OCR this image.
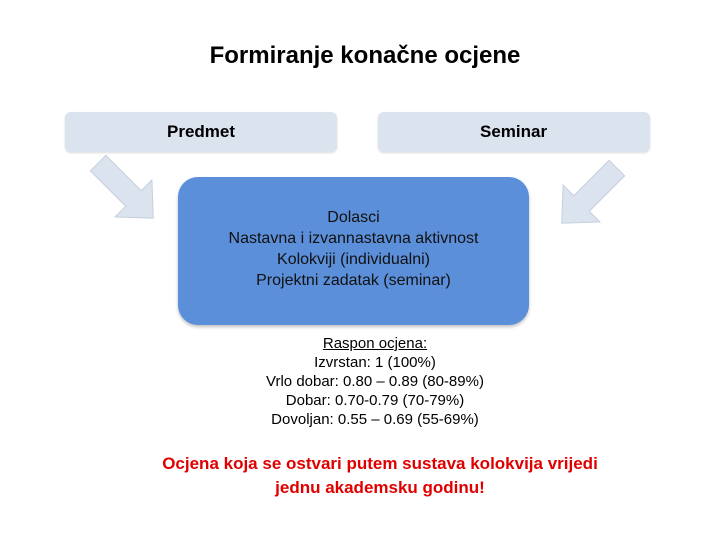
Formiranje konačne ocjene
Predmet	Seminar
Dolasci
Nastavna i izvannastavna aktivnost
Kolokviji (individualni)
Projektni zadatak (seminar)
Raspon ocjena:
Izvrstan: 1 (100%)
Vrlo dobar: 0.80 – 0.89 (80-89%)
Dobar: 0.70-0.79 (70-79%)
Dovoljan: 0.55 – 0.69 (55-69%)
Ocjena koja se ostvari putem sustava kolokvija vrijedi
jednu akademsku godinu!
